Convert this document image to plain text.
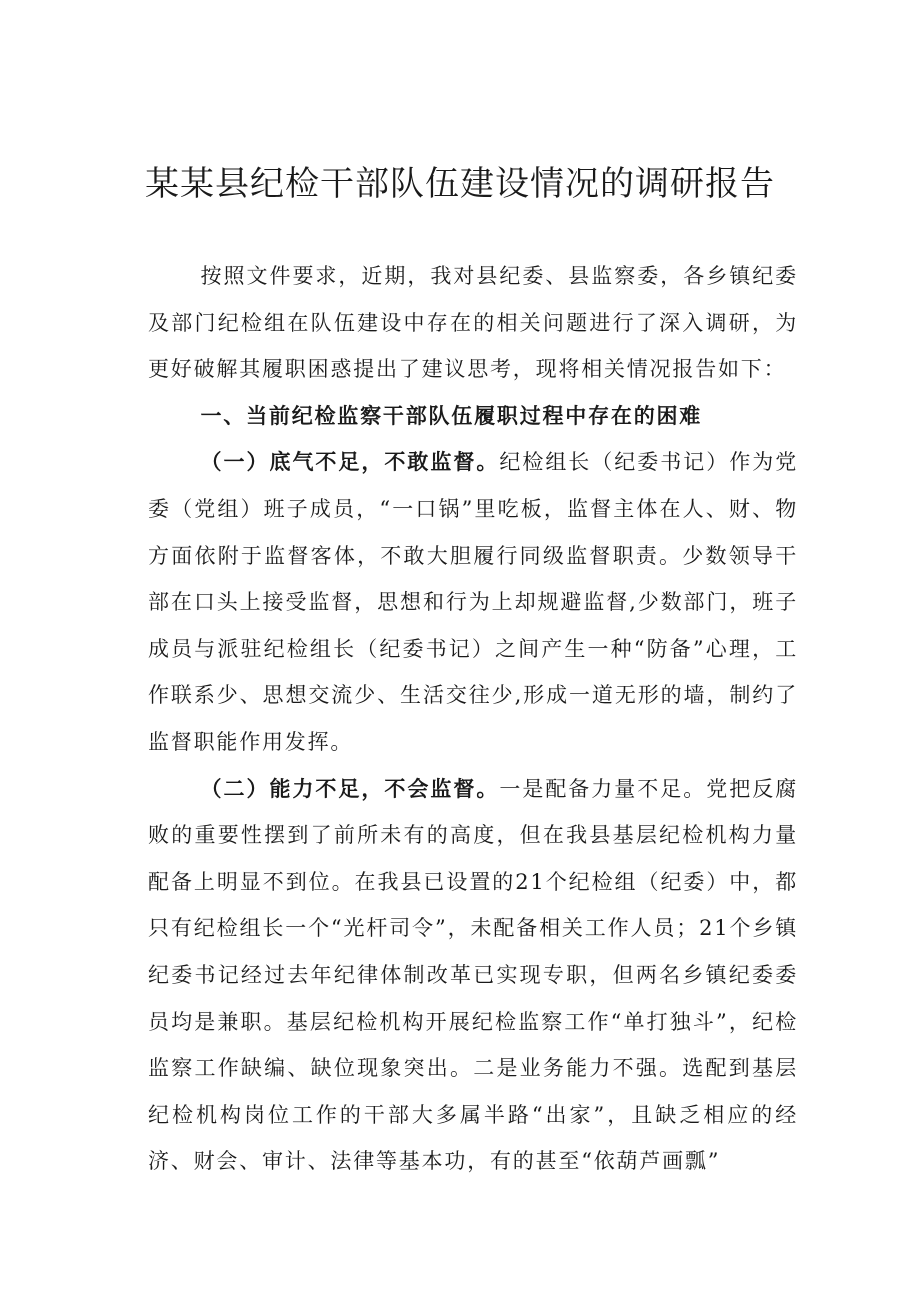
某某县纪检干部队伍建设情况的调研报告

按照文件要求，近期，我对县纪委、县监察委，各乡镇纪委及部门纪检组在队伍建设中存在的相关问题进行了深入调研，为更好破解其履职困惑提出了建议思考，现将相关情况报告如下：

一、当前纪检监察干部队伍履职过程中存在的困难

（一）底气不足，不敢监督。纪检组长（纪委书记）作为党委（党组）班子成员，“一口锅”里吃板，监督主体在人、财、物方面依附于监督客体，不敢大胆履行同级监督职责。少数领导干部在口头上接受监督，思想和行为上却规避监督,少数部门，班子成员与派驻纪检组长（纪委书记）之间产生一种“防备”心理，工作联系少、思想交流少、生活交往少,形成一道无形的墙，制约了监督职能作用发挥。

（二）能力不足，不会监督。一是配备力量不足。党把反腐败的重要性摆到了前所未有的高度，但在我县基层纪检机构力量配备上明显不到位。在我县已设置的21个纪检组（纪委）中，都只有纪检组长一个“光杆司令”，未配备相关工作人员；21个乡镇纪委书记经过去年纪律体制改革已实现专职，但两名乡镇纪委委员均是兼职。基层纪检机构开展纪检监察工作“单打独斗”，纪检监察工作缺编、缺位现象突出。二是业务能力不强。选配到基层纪检机构岗位工作的干部大多属半路“出家”，且缺乏相应的经济、财会、审计、法律等基本功，有的甚至“依葫芦画瓢”
